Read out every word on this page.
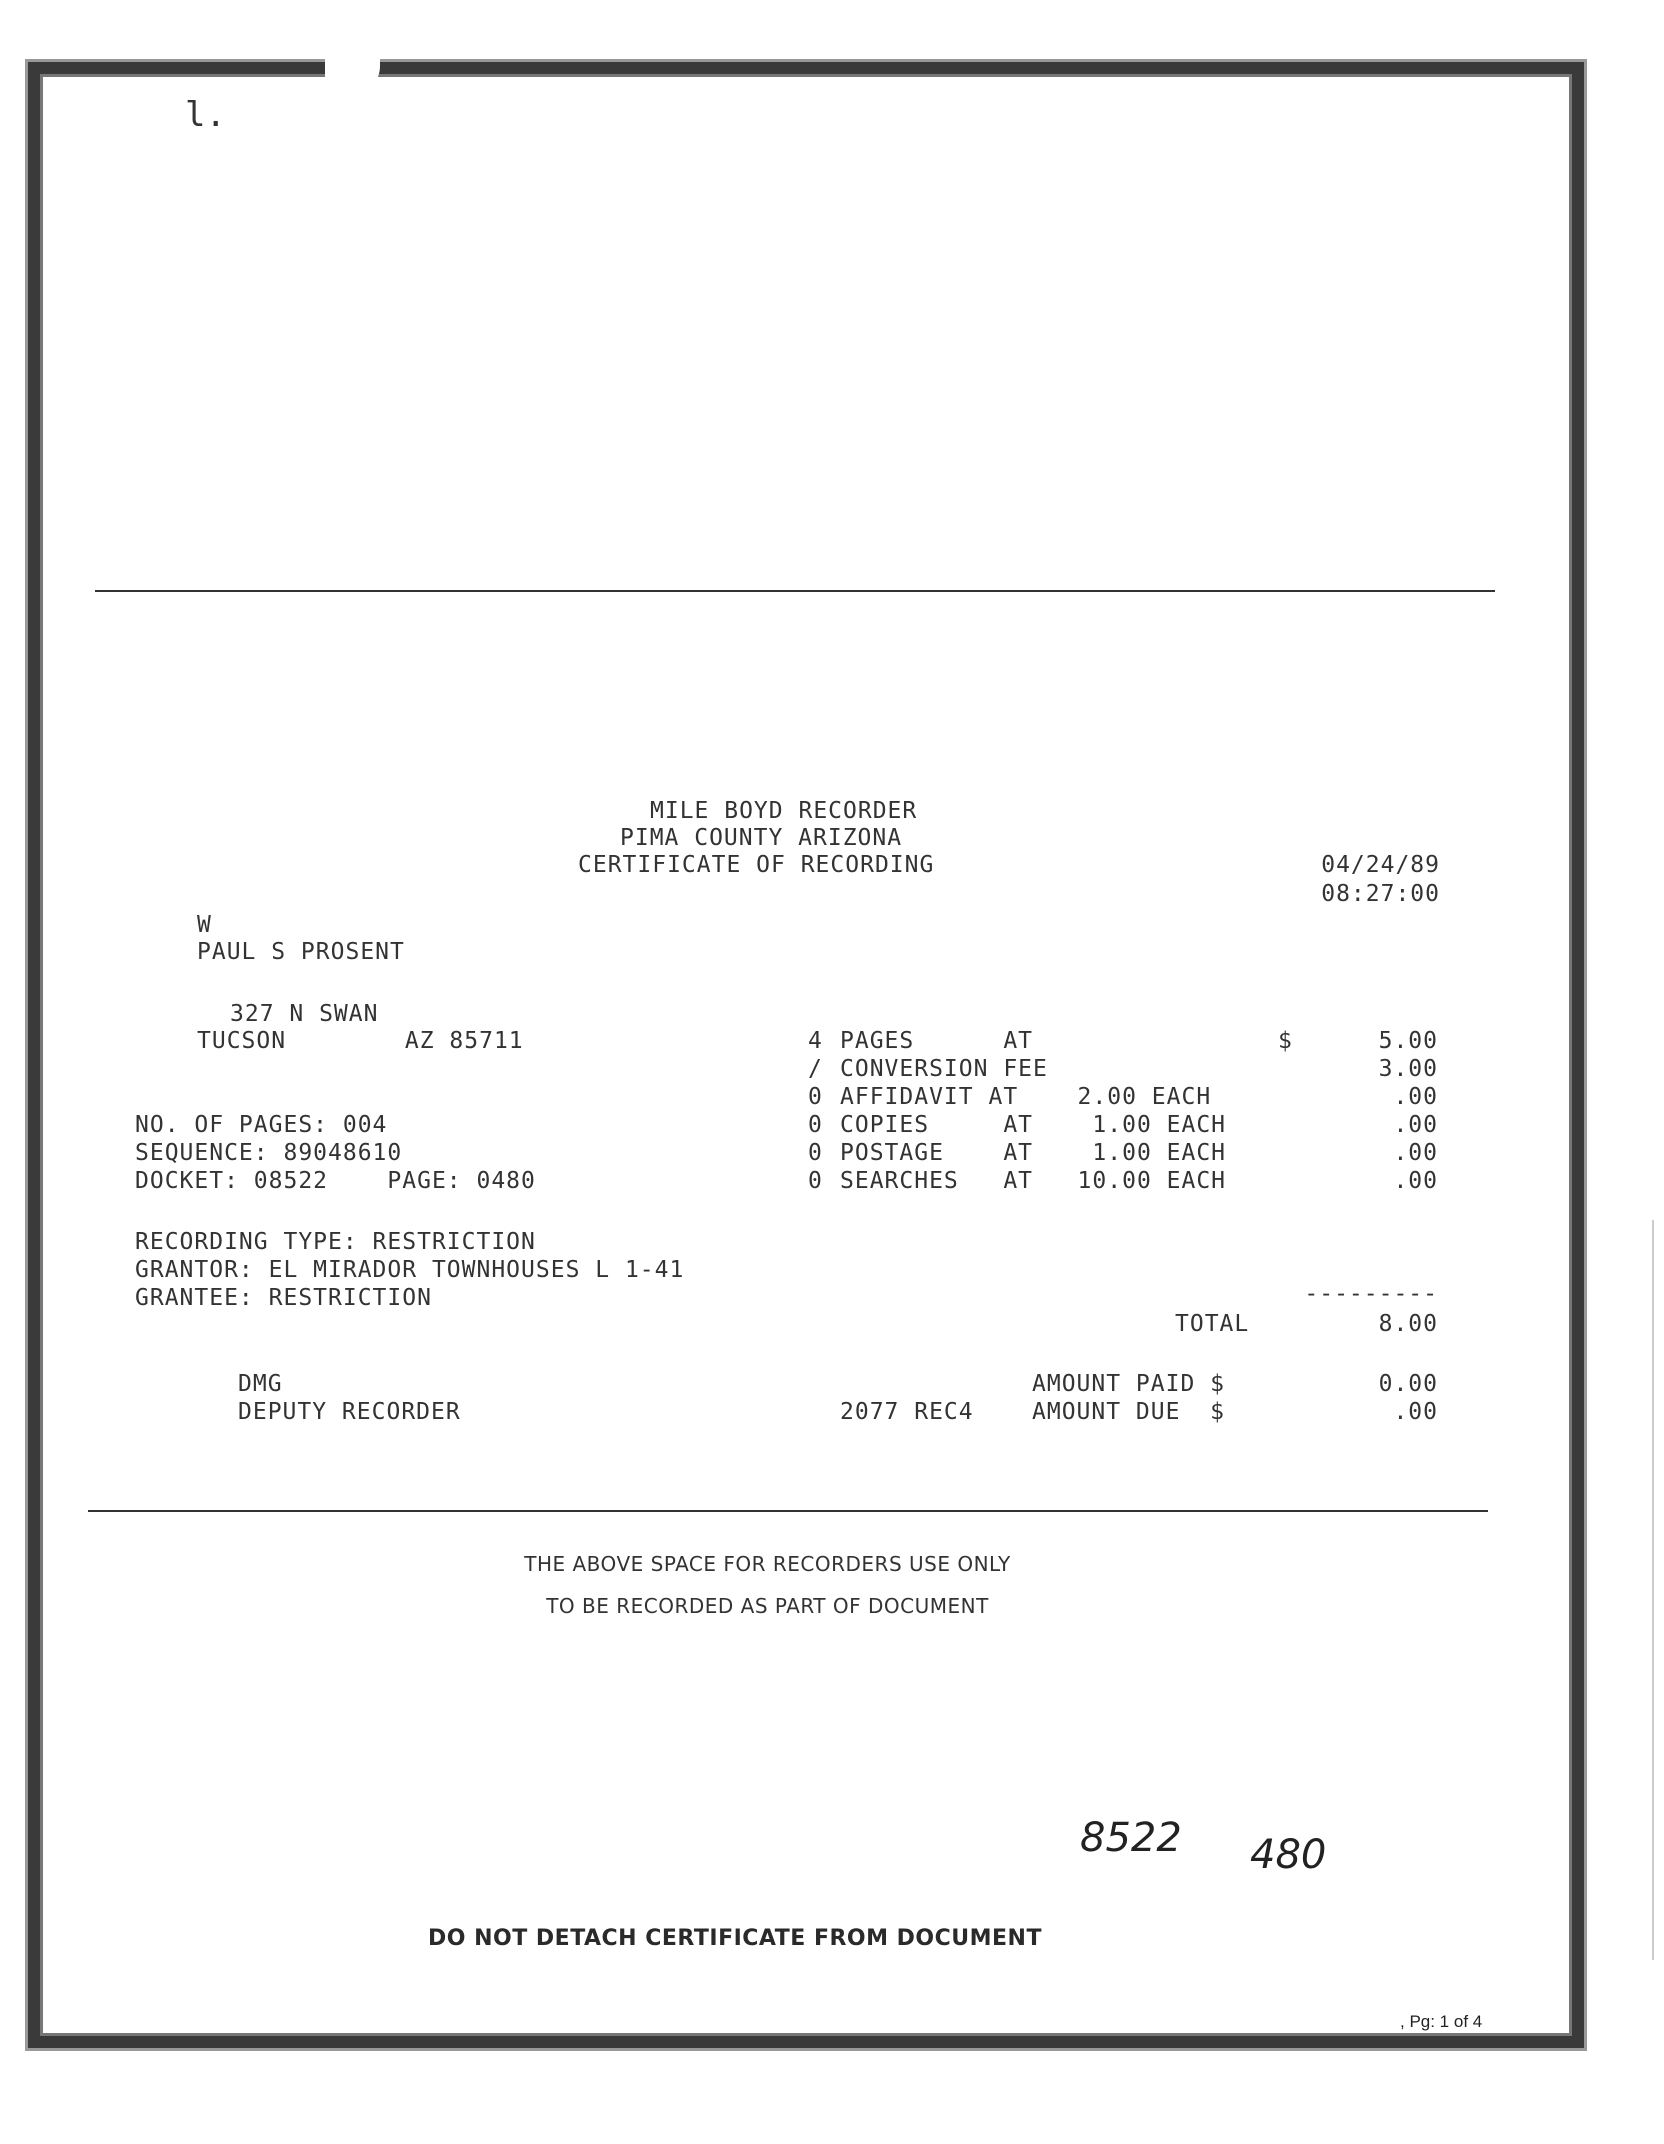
l.
MILE BOYD RECORDER
PIMA COUNTY ARIZONA
CERTIFICATE OF RECORDING	04/24/89
08:27:00
W
PAUL S PROSENT
327 N SWAN
TUCSON        AZ 85711	4 PAGES      AT	$	5.00
/ CONVERSION FEE	3.00
0 AFFIDAVIT AT    2.00 EACH	.00
0 COPIES     AT    1.00 EACH	.00
0 POSTAGE    AT    1.00 EACH	.00
0 SEARCHES   AT   10.00 EACH	.00
NO. OF PAGES: 004
SEQUENCE: 89048610
DOCKET: 08522    PAGE: 0480
RECORDING TYPE: RESTRICTION
GRANTOR: EL MIRADOR TOWNHOUSES L 1-41
GRANTEE: RESTRICTION	---------
TOTAL	8.00
DMG
DEPUTY RECORDER	2077 REC4
AMOUNT PAID $	0.00
AMOUNT DUE  $	.00
THE ABOVE SPACE FOR RECORDERS USE ONLY
TO BE RECORDED AS PART OF DOCUMENT
8522 480
DO NOT DETACH CERTIFICATE FROM DOCUMENT
, Pg: 1 of 4
